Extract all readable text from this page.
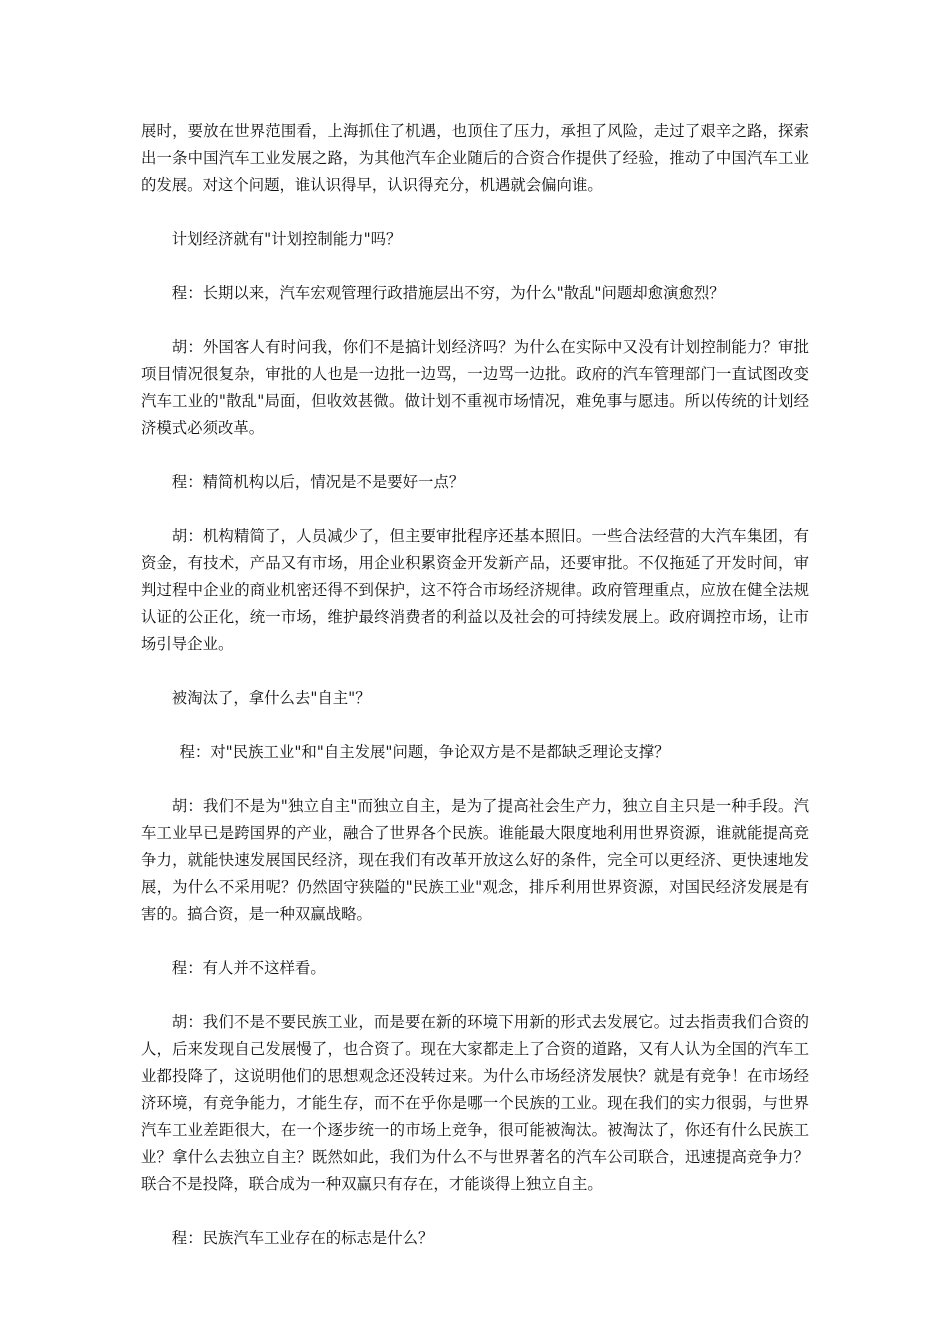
展时，要放在世界范围看，上海抓住了机遇，也顶住了压力，承担了风险，走过了艰辛之路，探索出一条中国汽车工业发展之路，为其他汽车企业随后的合资合作提供了经验，推动了中国汽车工业的发展。对这个问题，谁认识得早，认识得充分，机遇就会偏向谁。

计划经济就有"计划控制能力"吗？

程：长期以来，汽车宏观管理行政措施层出不穷，为什么"散乱"问题却愈演愈烈？

胡：外国客人有时问我，你们不是搞计划经济吗？为什么在实际中又没有计划控制能力？审批项目情况很复杂，审批的人也是一边批一边骂，一边骂一边批。政府的汽车管理部门一直试图改变汽车工业的"散乱"局面，但收效甚微。做计划不重视市场情况，难免事与愿违。所以传统的计划经济模式必须改革。

程：精简机构以后，情况是不是要好一点？

胡：机构精简了，人员减少了，但主要审批程序还基本照旧。一些合法经营的大汽车集团，有资金，有技术，产品又有市场，用企业积累资金开发新产品，还要审批。不仅拖延了开发时间，审判过程中企业的商业机密还得不到保护，这不符合市场经济规律。政府管理重点，应放在健全法规认证的公正化，统一市场，维护最终消费者的利益以及社会的可持续发展上。政府调控市场，让市场引导企业。

被淘汰了，拿什么去"自主"？

程：对"民族工业"和"自主发展"问题，争论双方是不是都缺乏理论支撑？

胡：我们不是为"独立自主"而独立自主，是为了提高社会生产力，独立自主只是一种手段。汽车工业早已是跨国界的产业，融合了世界各个民族。谁能最大限度地利用世界资源，谁就能提高竞争力，就能快速发展国民经济，现在我们有改革开放这么好的条件，完全可以更经济、更快速地发展，为什么不采用呢？仍然固守狭隘的"民族工业"观念，排斥利用世界资源，对国民经济发展是有害的。搞合资，是一种双赢战略。

程：有人并不这样看。

胡：我们不是不要民族工业，而是要在新的环境下用新的形式去发展它。过去指责我们合资的人，后来发现自己发展慢了，也合资了。现在大家都走上了合资的道路，又有人认为全国的汽车工业都投降了，这说明他们的思想观念还没转过来。为什么市场经济发展快？就是有竞争！在市场经济环境，有竞争能力，才能生存，而不在乎你是哪一个民族的工业。现在我们的实力很弱，与世界汽车工业差距很大，在一个逐步统一的市场上竞争，很可能被淘汰。被淘汰了，你还有什么民族工业？拿什么去独立自主？既然如此，我们为什么不与世界著名的汽车公司联合，迅速提高竞争力？联合不是投降，联合成为一种双赢只有存在，才能谈得上独立自主。

程：民族汽车工业存在的标志是什么？
